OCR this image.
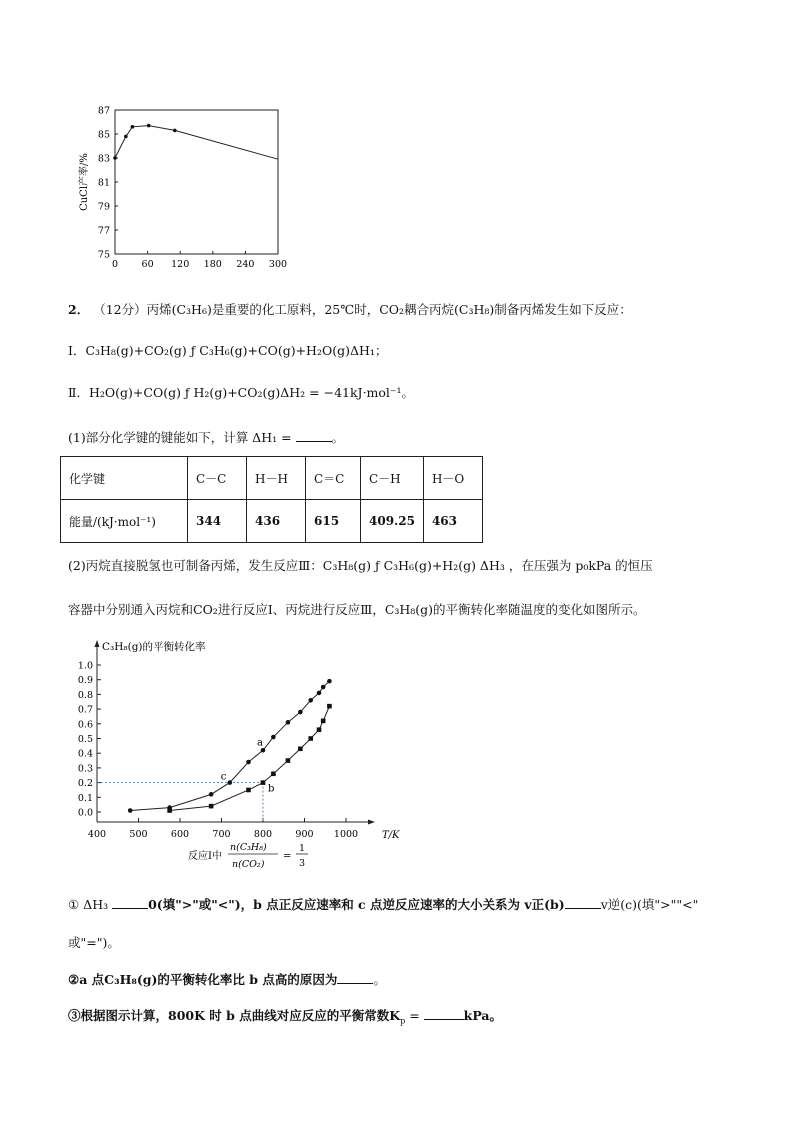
CuCl产率/%
87
85
83
81
79
77
75
0 60 120 180 240 300
2． （12分）丙烯(C₃H₆)是重要的化工原料，25℃时，CO₂耦合丙烷(C₃H₈)制备丙烯发生如下反应：
Ⅰ．C₃H₈(g)+CO₂(g) ƒ C₃H₆(g)+CO(g)+H₂O(g)ΔH₁；
Ⅱ．H₂O(g)+CO(g) ƒ H₂(g)+CO₂(g)ΔH₂ = −41kJ·mol⁻¹。
(1)部分化学键的键能如下，计算 ΔH₁ =	。
化学键	C－C	H－H	C＝C	C－H	H－O
能量/(kJ·mol⁻¹)	344	436	615	409.25	463
(2)丙烷直接脱氢也可制备丙烯，发生反应Ⅲ：C₃H₈(g) ƒ C₃H₆(g)+H₂(g) ΔH₃ ，在压强为 p₀kPa 的恒压
容器中分别通入丙烷和CO₂进行反应Ⅰ、丙烷进行反应Ⅲ，C₃H₈(g)的平衡转化率随温度的变化如图所示。
C₃H₈(g)的平衡转化率
T/K
1.0
0.9
0.8
0.7
0.6
0.5
0.4
0.3
0.2
0.1
0.0
400 500 600 700 800 900 1000
a
b
c
反应Ⅰ中
n(C₃H₈)
n(CO₂)
=
1
3
① ΔH₃	0(填">"或"<")，b 点正反应速率和 c 点逆反应速率的大小关系为 v正(b)	v逆(c)(填">""<"
或"=")。
②a 点C₃H₈(g)的平衡转化率比 b 点高的原因为	。
③根据图示计算，800K 时 b 点曲线对应反应的平衡常数$K_p$ =	kPa。
